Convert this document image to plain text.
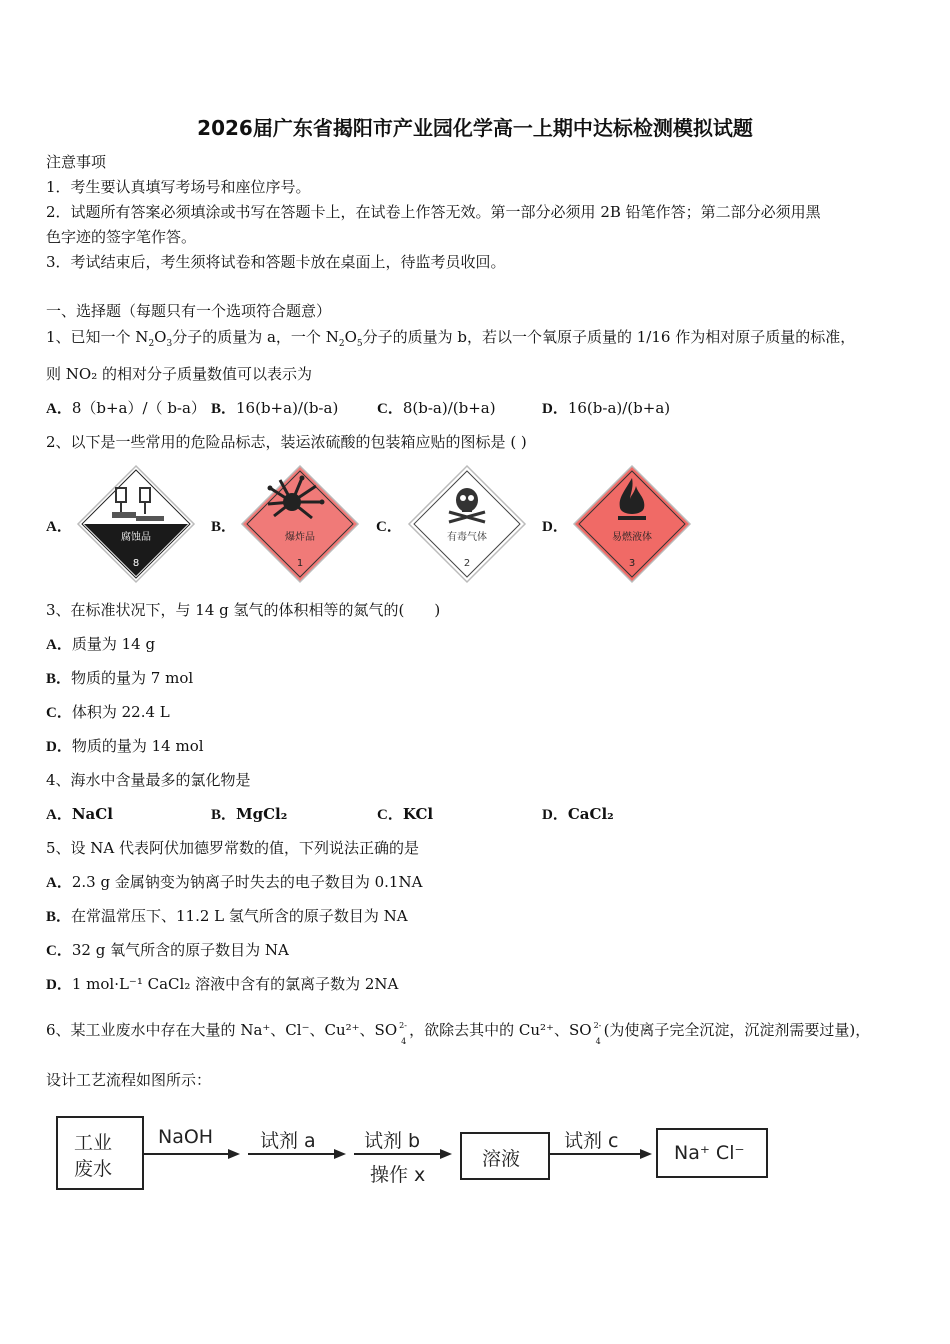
2026届广东省揭阳市产业园化学高一上期中达标检测模拟试题
注意事项
1．考生要认真填写考场号和座位序号。
2．试题所有答案必须填涂或书写在答题卡上，在试卷上作答无效。第一部分必须用 2B 铅笔作答；第二部分必须用黑
色字迹的签字笔作答。
3．考试结束后，考生须将试卷和答题卡放在桌面上，待监考员收回。
一、选择题（每题只有一个选项符合题意）
1、已知一个 $N_2O_3$分子的质量为 a，一个 $N_2O_5$分子的质量为 b，若以一个氧原子质量的 1/16 作为相对原子质量的标准，
则 NO₂ 的相对分子质量数值可以表示为
A．8（b+a）/（ b-a） B．16(b+a)/(b-a)	C．8(b-a)/(b+a)	D．16(b-a)/(b+a)
2、以下是一些常用的危险品标志，装运浓硫酸的包装箱应贴的图标是 ( )
A．
腐蚀品
8
B．
爆炸品
1
C．
有毒气体
2
D．
易燃液体
3
3、在标准状况下，与 14 g 氢气的体积相等的氮气的(　　)
A．质量为 14 g
B．物质的量为 7 mol
C．体积为 22.4 L
D．物质的量为 14 mol
4、海水中含量最多的氯化物是
A．NaCl	B．MgCl₂	C．KCl	D．CaCl₂
5、设 NA 代表阿伏加德罗常数的值，下列说法正确的是
A．2.3 g 金属钠变为钠离子时失去的电子数目为 0.1NA
B．在常温常压下、11.2 L 氢气所含的原子数目为 NA
C．32 g 氧气所含的原子数目为 NA
D．1 mol·L⁻¹ CaCl₂ 溶液中含有的氯离子数为 2NA
6、某工业废水中存在大量的 Na⁺、Cl⁻、Cu²⁺、SO 2-
4
，欲除去其中的 Cu²⁺、SO 2-
4
(为使离子完全沉淀，沉淀剂需要过量)，
设计工艺流程如图所示：
工业
废水
NaOH 试剂 a	试剂 b
操作 x
溶液
试剂 c
Na⁺ Cl⁻
